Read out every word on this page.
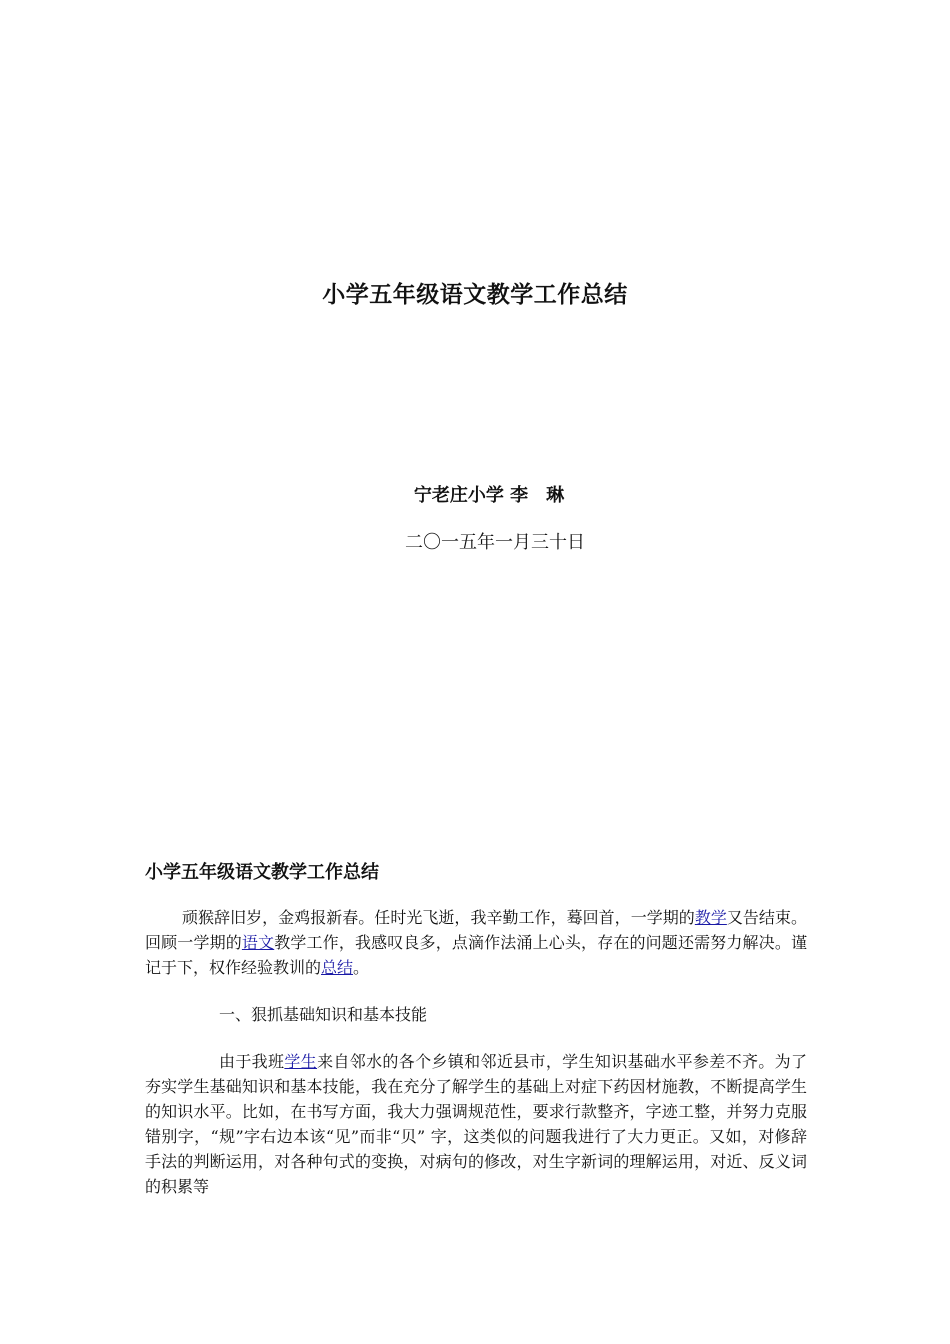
小学五年级语文教学工作总结
宁老庄小学 李　琳
二〇一五年一月三十日
小学五年级语文教学工作总结
顽猴辞旧岁，金鸡报新春。任时光飞逝，我辛勤工作，蓦回首，一学期的教学又告结束。回顾一学期的语文教学工作，我感叹良多，点滴作法涌上心头，存在的问题还需努力解决。谨记于下，权作经验教训的总结。
一、狠抓基础知识和基本技能
由于我班学生来自邻水的各个乡镇和邻近县市，学生知识基础水平参差不齐。为了夯实学生基础知识和基本技能，我在充分了解学生的基础上对症下药因材施教，不断提高学生的知识水平。比如，在书写方面，我大力强调规范性，要求行款整齐，字迹工整，并努力克服错别字，“规”字右边本该“见”而非“贝” 字，这类似的问题我进行了大力更正。又如，对修辞手法的判断运用，对各种句式的变换，对病句的修改，对生字新词的理解运用，对近、反义词的积累等
